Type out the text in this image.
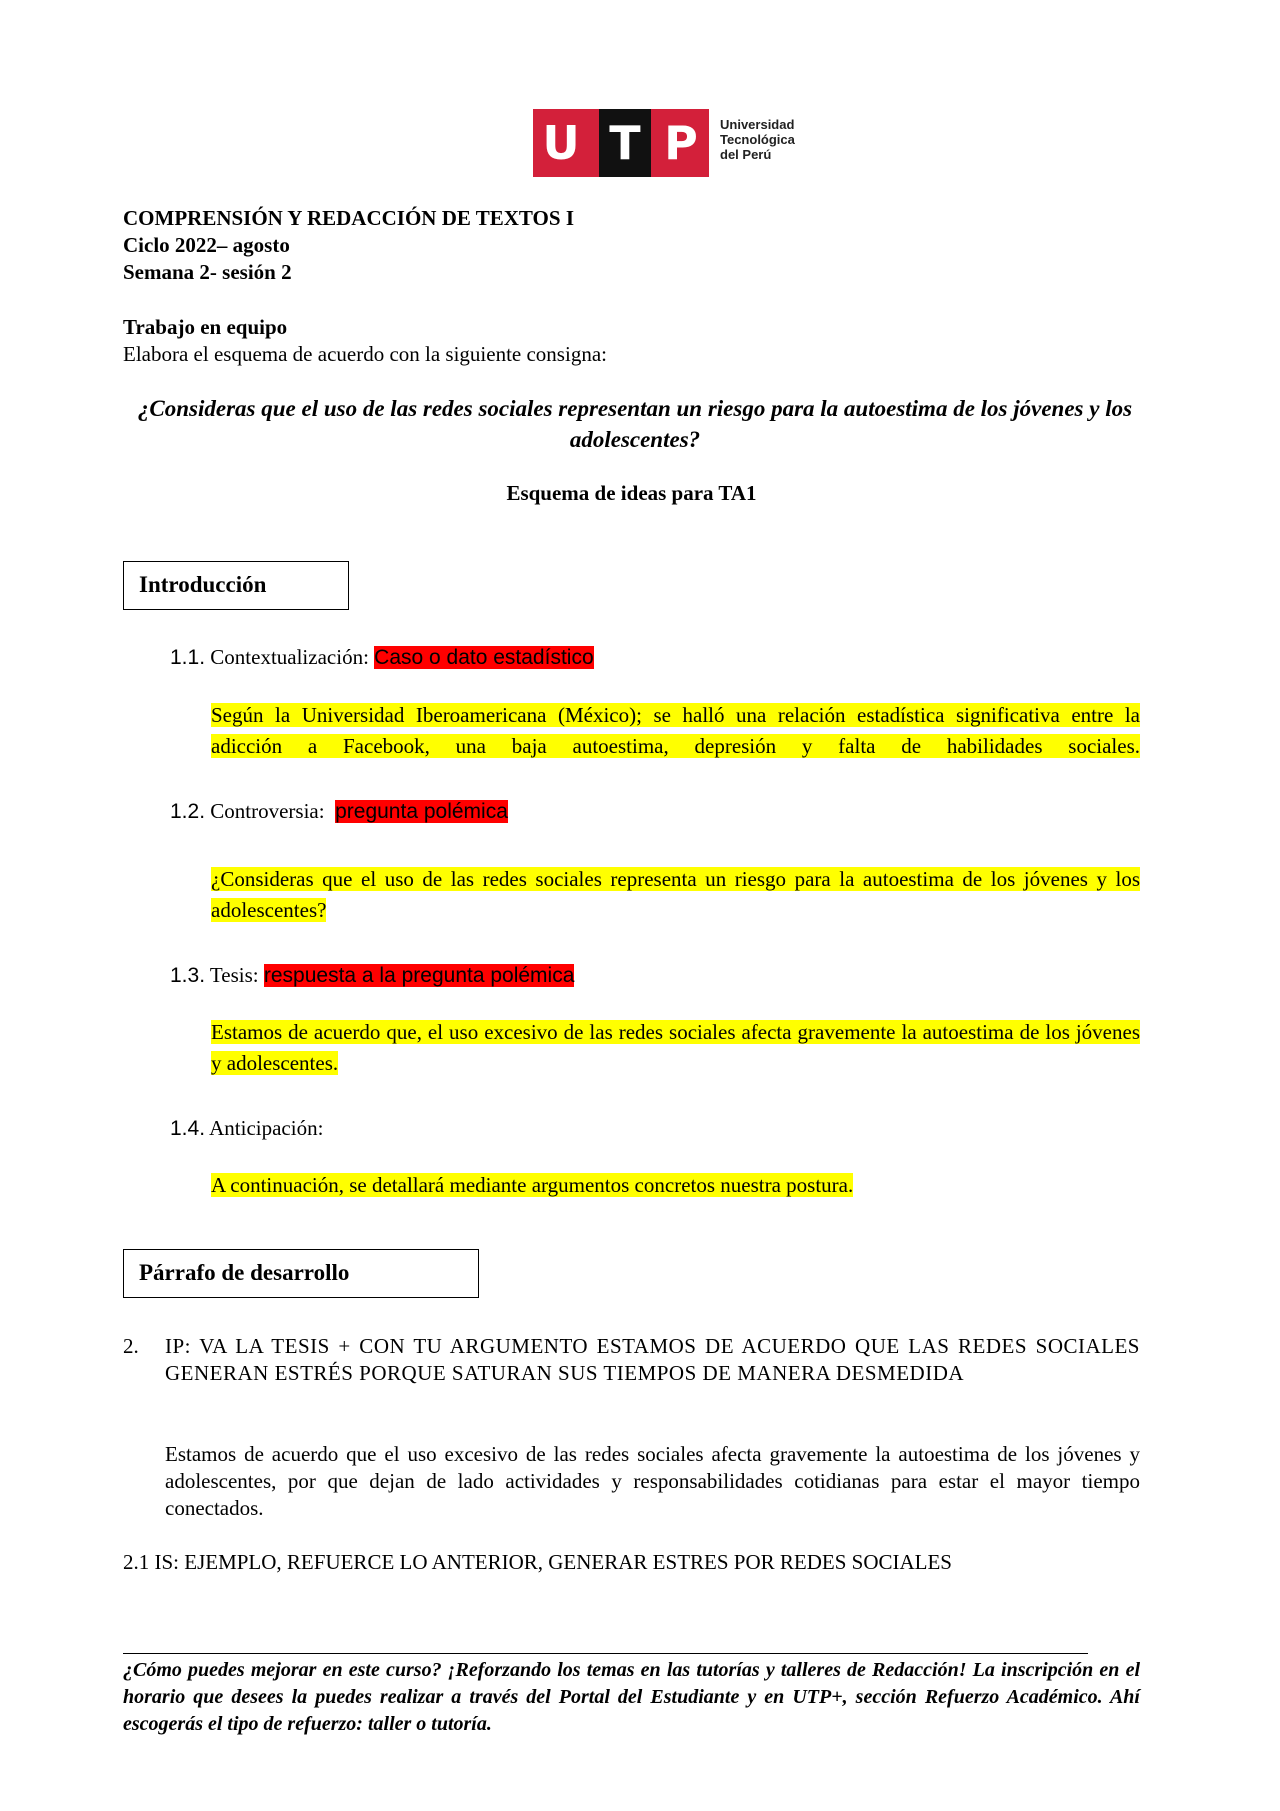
U T P	Universidad
Tecnológica
del Perú
COMPRENSIÓN Y REDACCIÓN DE TEXTOS I
Ciclo 2022– agosto
Semana 2- sesión 2
Trabajo en equipo
Elabora el esquema de acuerdo con la siguiente consigna:
¿Consideras que el uso de las redes sociales representan un riesgo para la autoestima de los jóvenes y los adolescentes?
Esquema de ideas para TA1
Introducción
1.1. Contextualización: Caso o dato estadístico
Según la Universidad Iberoamericana (México); se halló una relación estadística significativa entre la adicción a Facebook, una baja autoestima, depresión y falta de habilidades sociales.
1.2. Controversia: pregunta polémica
¿Consideras que el uso de las redes sociales representa un riesgo para la autoestima de los jóvenes y los adolescentes?
1.3. Tesis: respuesta a la pregunta polémica
Estamos de acuerdo que, el uso excesivo de las redes sociales afecta gravemente la autoestima de los jóvenes y adolescentes.
1.4. Anticipación:
A continuación, se detallará mediante argumentos concretos nuestra postura.
Párrafo de desarrollo
2. IP: VA LA TESIS + CON TU ARGUMENTO ESTAMOS DE ACUERDO QUE LAS REDES SOCIALES GENERAN ESTRÉS PORQUE SATURAN SUS TIEMPOS DE MANERA DESMEDIDA
Estamos de acuerdo que el uso excesivo de las redes sociales afecta gravemente la autoestima de los jóvenes y adolescentes, por que dejan de lado actividades y responsabilidades cotidianas para estar el mayor tiempo conectados.
2.1 IS: EJEMPLO, REFUERCE LO ANTERIOR, GENERAR ESTRES POR REDES SOCIALES
¿Cómo puedes mejorar en este curso? ¡Reforzando los temas en las tutorías y talleres de Redacción! La inscripción en el horario que desees la puedes realizar a través del Portal del Estudiante y en UTP+, sección Refuerzo Académico. Ahí escogerás el tipo de refuerzo: taller o tutoría.
